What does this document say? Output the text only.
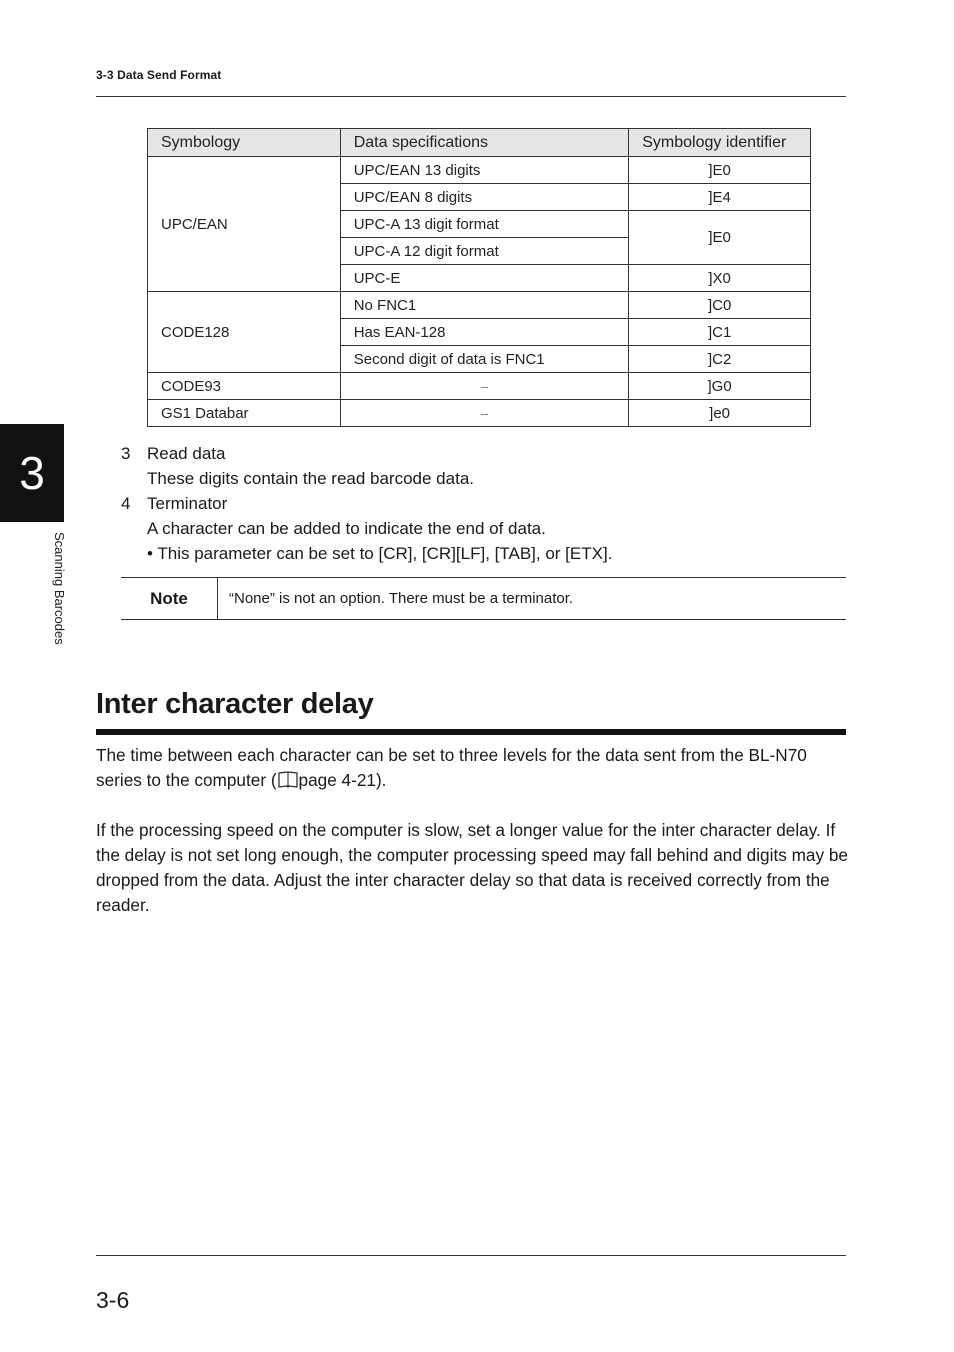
3-3 Data Send Format
3
Scanning Barcodes
Symbology	Data specifications	Symbology identifier
UPC/EAN	UPC/EAN 13 digits	]E0
	UPC/EAN 8 digits	]E4
	UPC-A 13 digit format	]E0
	UPC-A 12 digit format	
	UPC-E	]X0
CODE128	No FNC1	]C0
	Has EAN-128	]C1
	Second digit of data is FNC1	]C2
CODE93	–	]G0
GS1 Databar	–	]e0
3 Read data
These digits contain the read barcode data.
4 Terminator
A character can be added to indicate the end of data.
• This parameter can be set to [CR], [CR][LF], [TAB], or [ETX].
Note	“None” is not an option. There must be a terminator.
Inter character delay

The time between each character can be set to three levels for the data sent from the BL-N70 series to the computer ( page 4-21).

If the processing speed on the computer is slow, set a longer value for the inter character delay. If the delay is not set long enough, the computer processing speed may fall behind and digits may be dropped from the data. Adjust the inter character delay so that data is received correctly from the reader.

3-6
